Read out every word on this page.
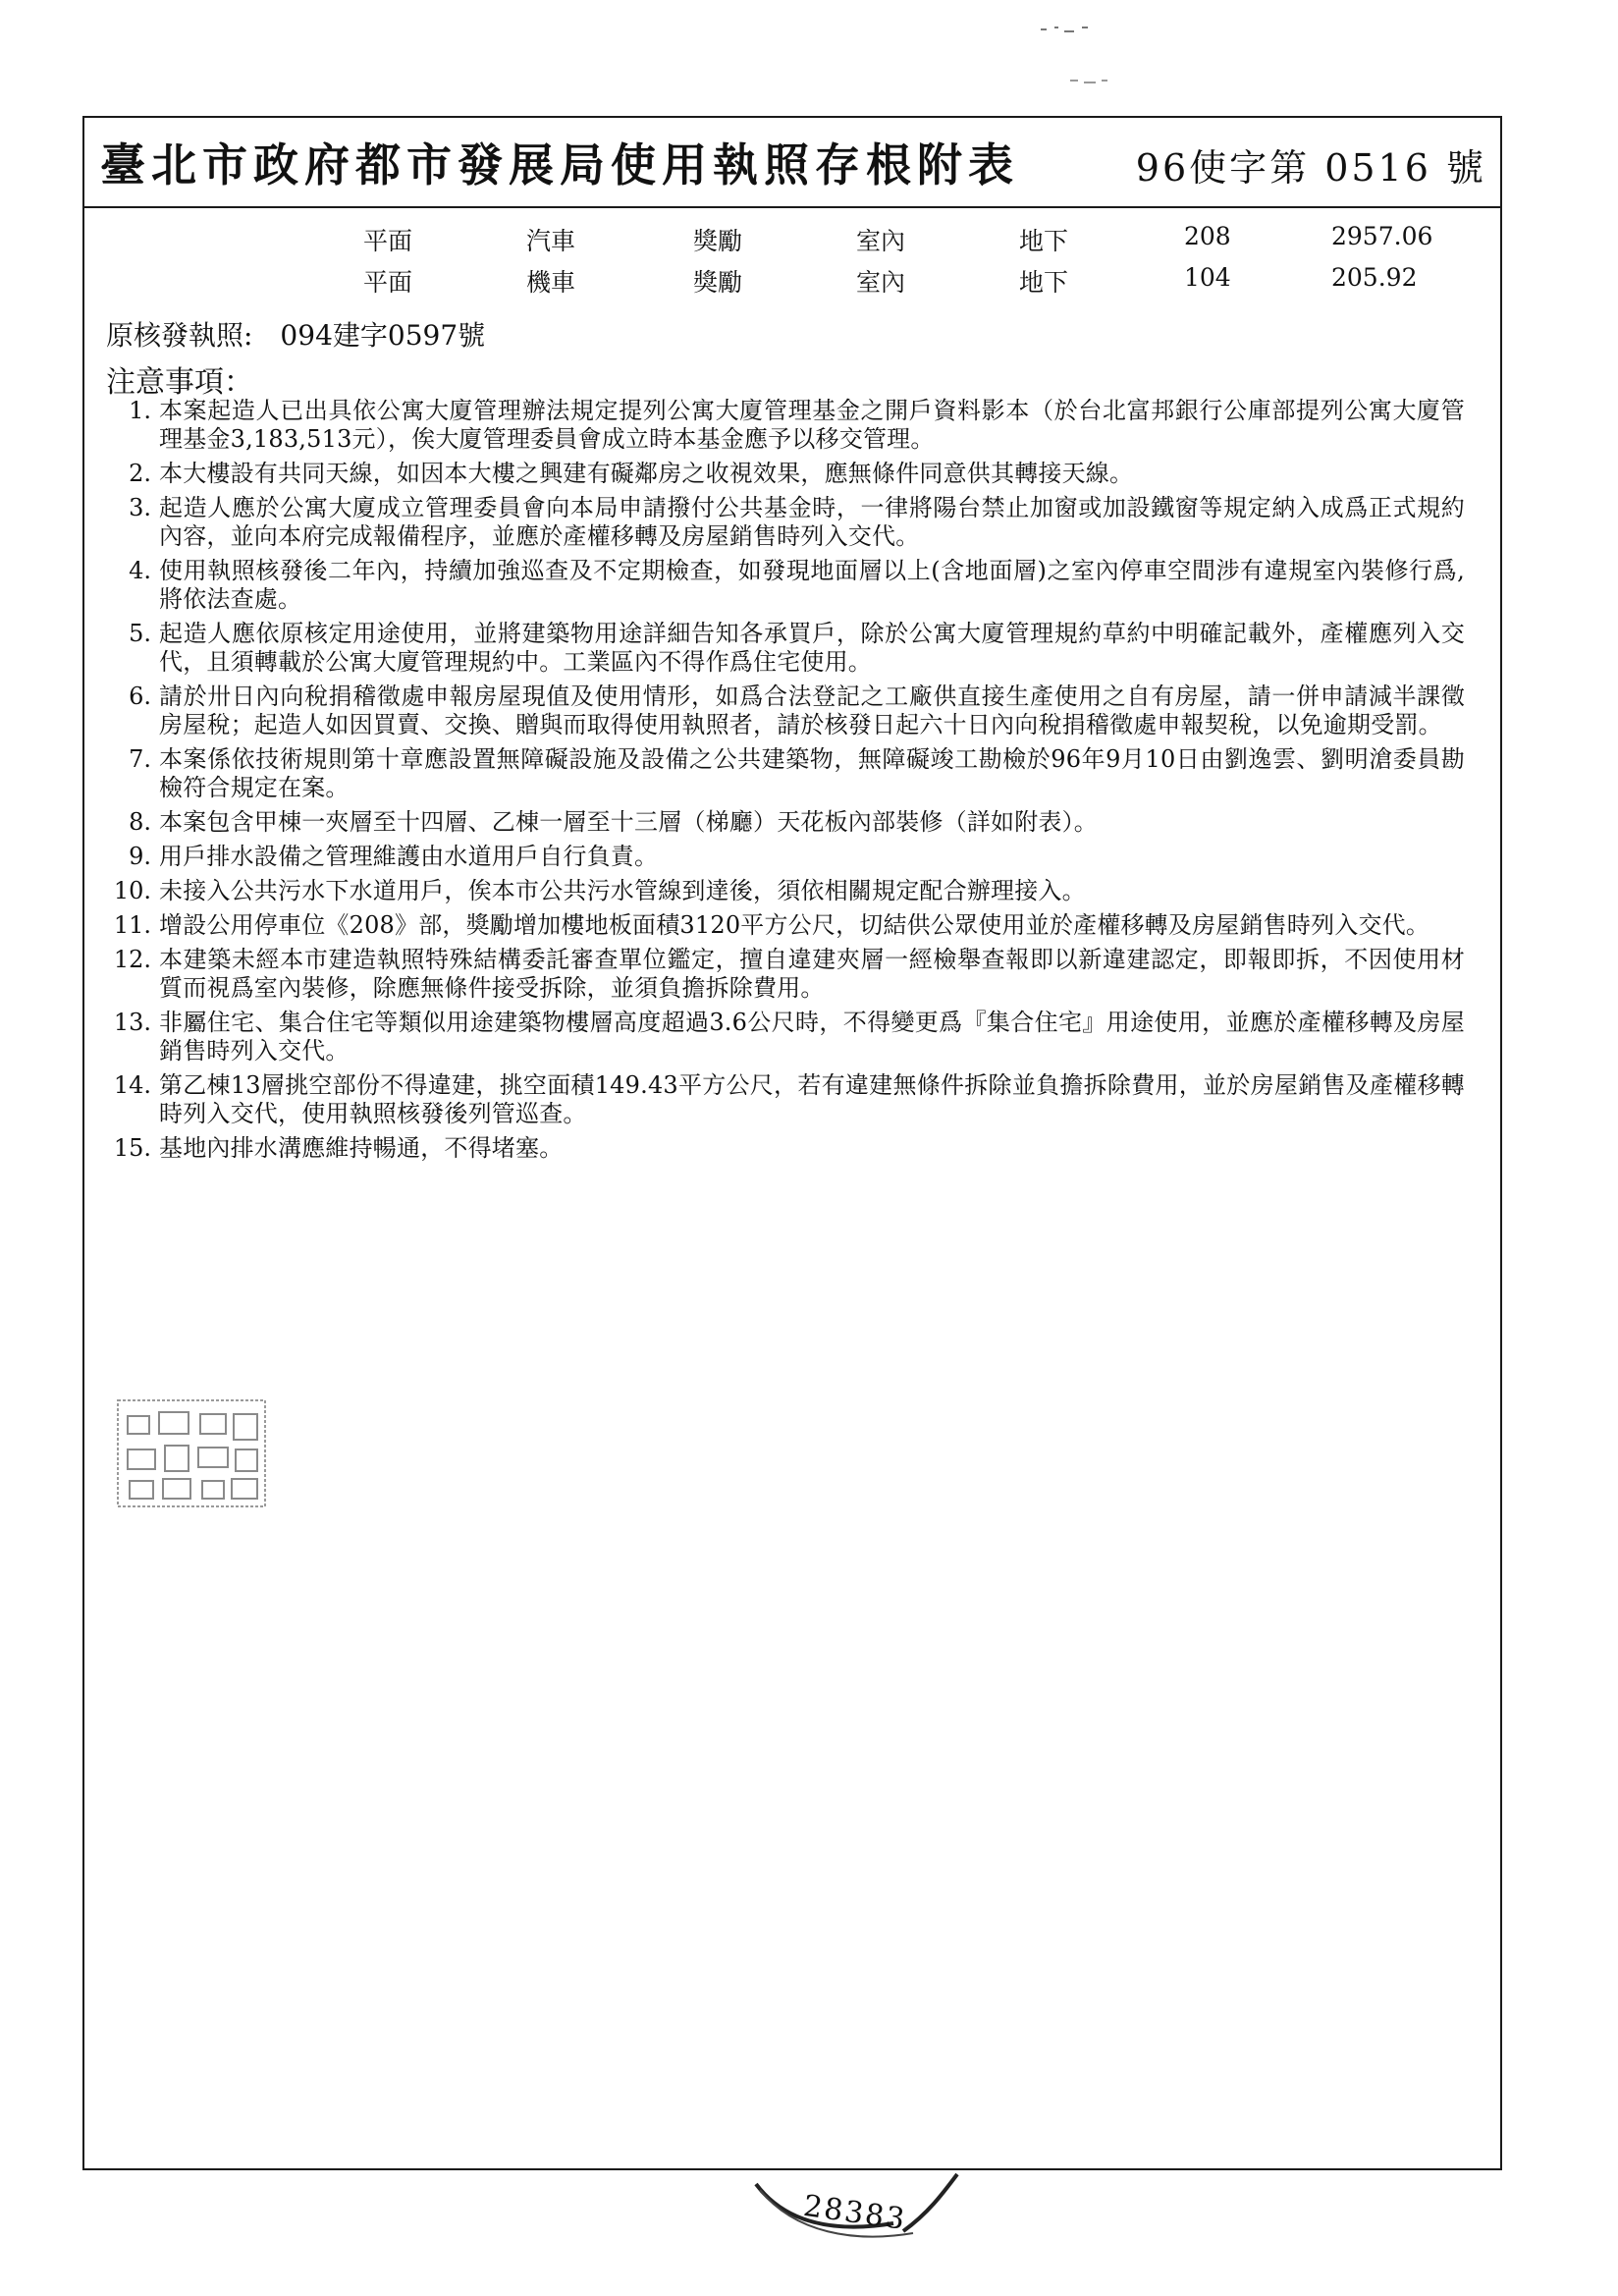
臺北市政府都市發展局使用執照存根附表	96使字第 0516 號
平面	汽車	獎勵	室內	地下	208	2957.06
平面	機車	獎勵	室內	地下	104	205.92
原核發執照:　094建字0597號
注意事項：
1. 本案起造人已出具依公寓大廈管理辦法規定提列公寓大廈管理基金之開戶資料影本（於台北富邦銀行公庫部提列公寓大廈管理基金3,183,513元），俟大廈管理委員會成立時本基金應予以移交管理。
2. 本大樓設有共同天線，如因本大樓之興建有礙鄰房之收視效果，應無條件同意供其轉接天線。
3. 起造人應於公寓大廈成立管理委員會向本局申請撥付公共基金時，一律將陽台禁止加窗或加設鐵窗等規定納入成爲正式規約內容，並向本府完成報備程序，並應於產權移轉及房屋銷售時列入交代。
4. 使用執照核發後二年內，持續加強巡查及不定期檢查，如發現地面層以上(含地面層)之室內停車空間涉有違規室內裝修行爲,將依法查處。
5. 起造人應依原核定用途使用，並將建築物用途詳細告知各承買戶，除於公寓大廈管理規約草約中明確記載外，產權應列入交代，且須轉載於公寓大廈管理規約中。工業區內不得作爲住宅使用。
6. 請於卅日內向稅捐稽徵處申報房屋現值及使用情形，如爲合法登記之工廠供直接生產使用之自有房屋，請一併申請減半課徵房屋稅；起造人如因買賣、交換、贈與而取得使用執照者，請於核發日起六十日內向稅捐稽徵處申報契稅，以免逾期受罰。
7. 本案係依技術規則第十章應設置無障礙設施及設備之公共建築物，無障礙竣工勘檢於96年9月10日由劉逸雲、劉明滄委員勘檢符合規定在案。
8. 本案包含甲棟一夾層至十四層、乙棟一層至十三層（梯廳）天花板內部裝修（詳如附表）。
9. 用戶排水設備之管理維護由水道用戶自行負責。
10. 未接入公共污水下水道用戶，俟本市公共污水管線到達後，須依相關規定配合辦理接入。
11. 增設公用停車位《208》部，獎勵增加樓地板面積3120平方公尺，切結供公眾使用並於產權移轉及房屋銷售時列入交代。
12. 本建築未經本市建造執照特殊結構委託審查單位鑑定，擅自違建夾層一經檢舉查報即以新違建認定，即報即拆，不因使用材質而視爲室內裝修，除應無條件接受拆除，並須負擔拆除費用。
13. 非屬住宅、集合住宅等類似用途建築物樓層高度超過3.6公尺時，不得變更爲『集合住宅』用途使用，並應於產權移轉及房屋銷售時列入交代。
14. 第乙棟13層挑空部份不得違建，挑空面積149.43平方公尺，若有違建無條件拆除並負擔拆除費用，並於房屋銷售及產權移轉時列入交代，使用執照核發後列管巡查。
15. 基地內排水溝應維持暢通，不得堵塞。
28383
